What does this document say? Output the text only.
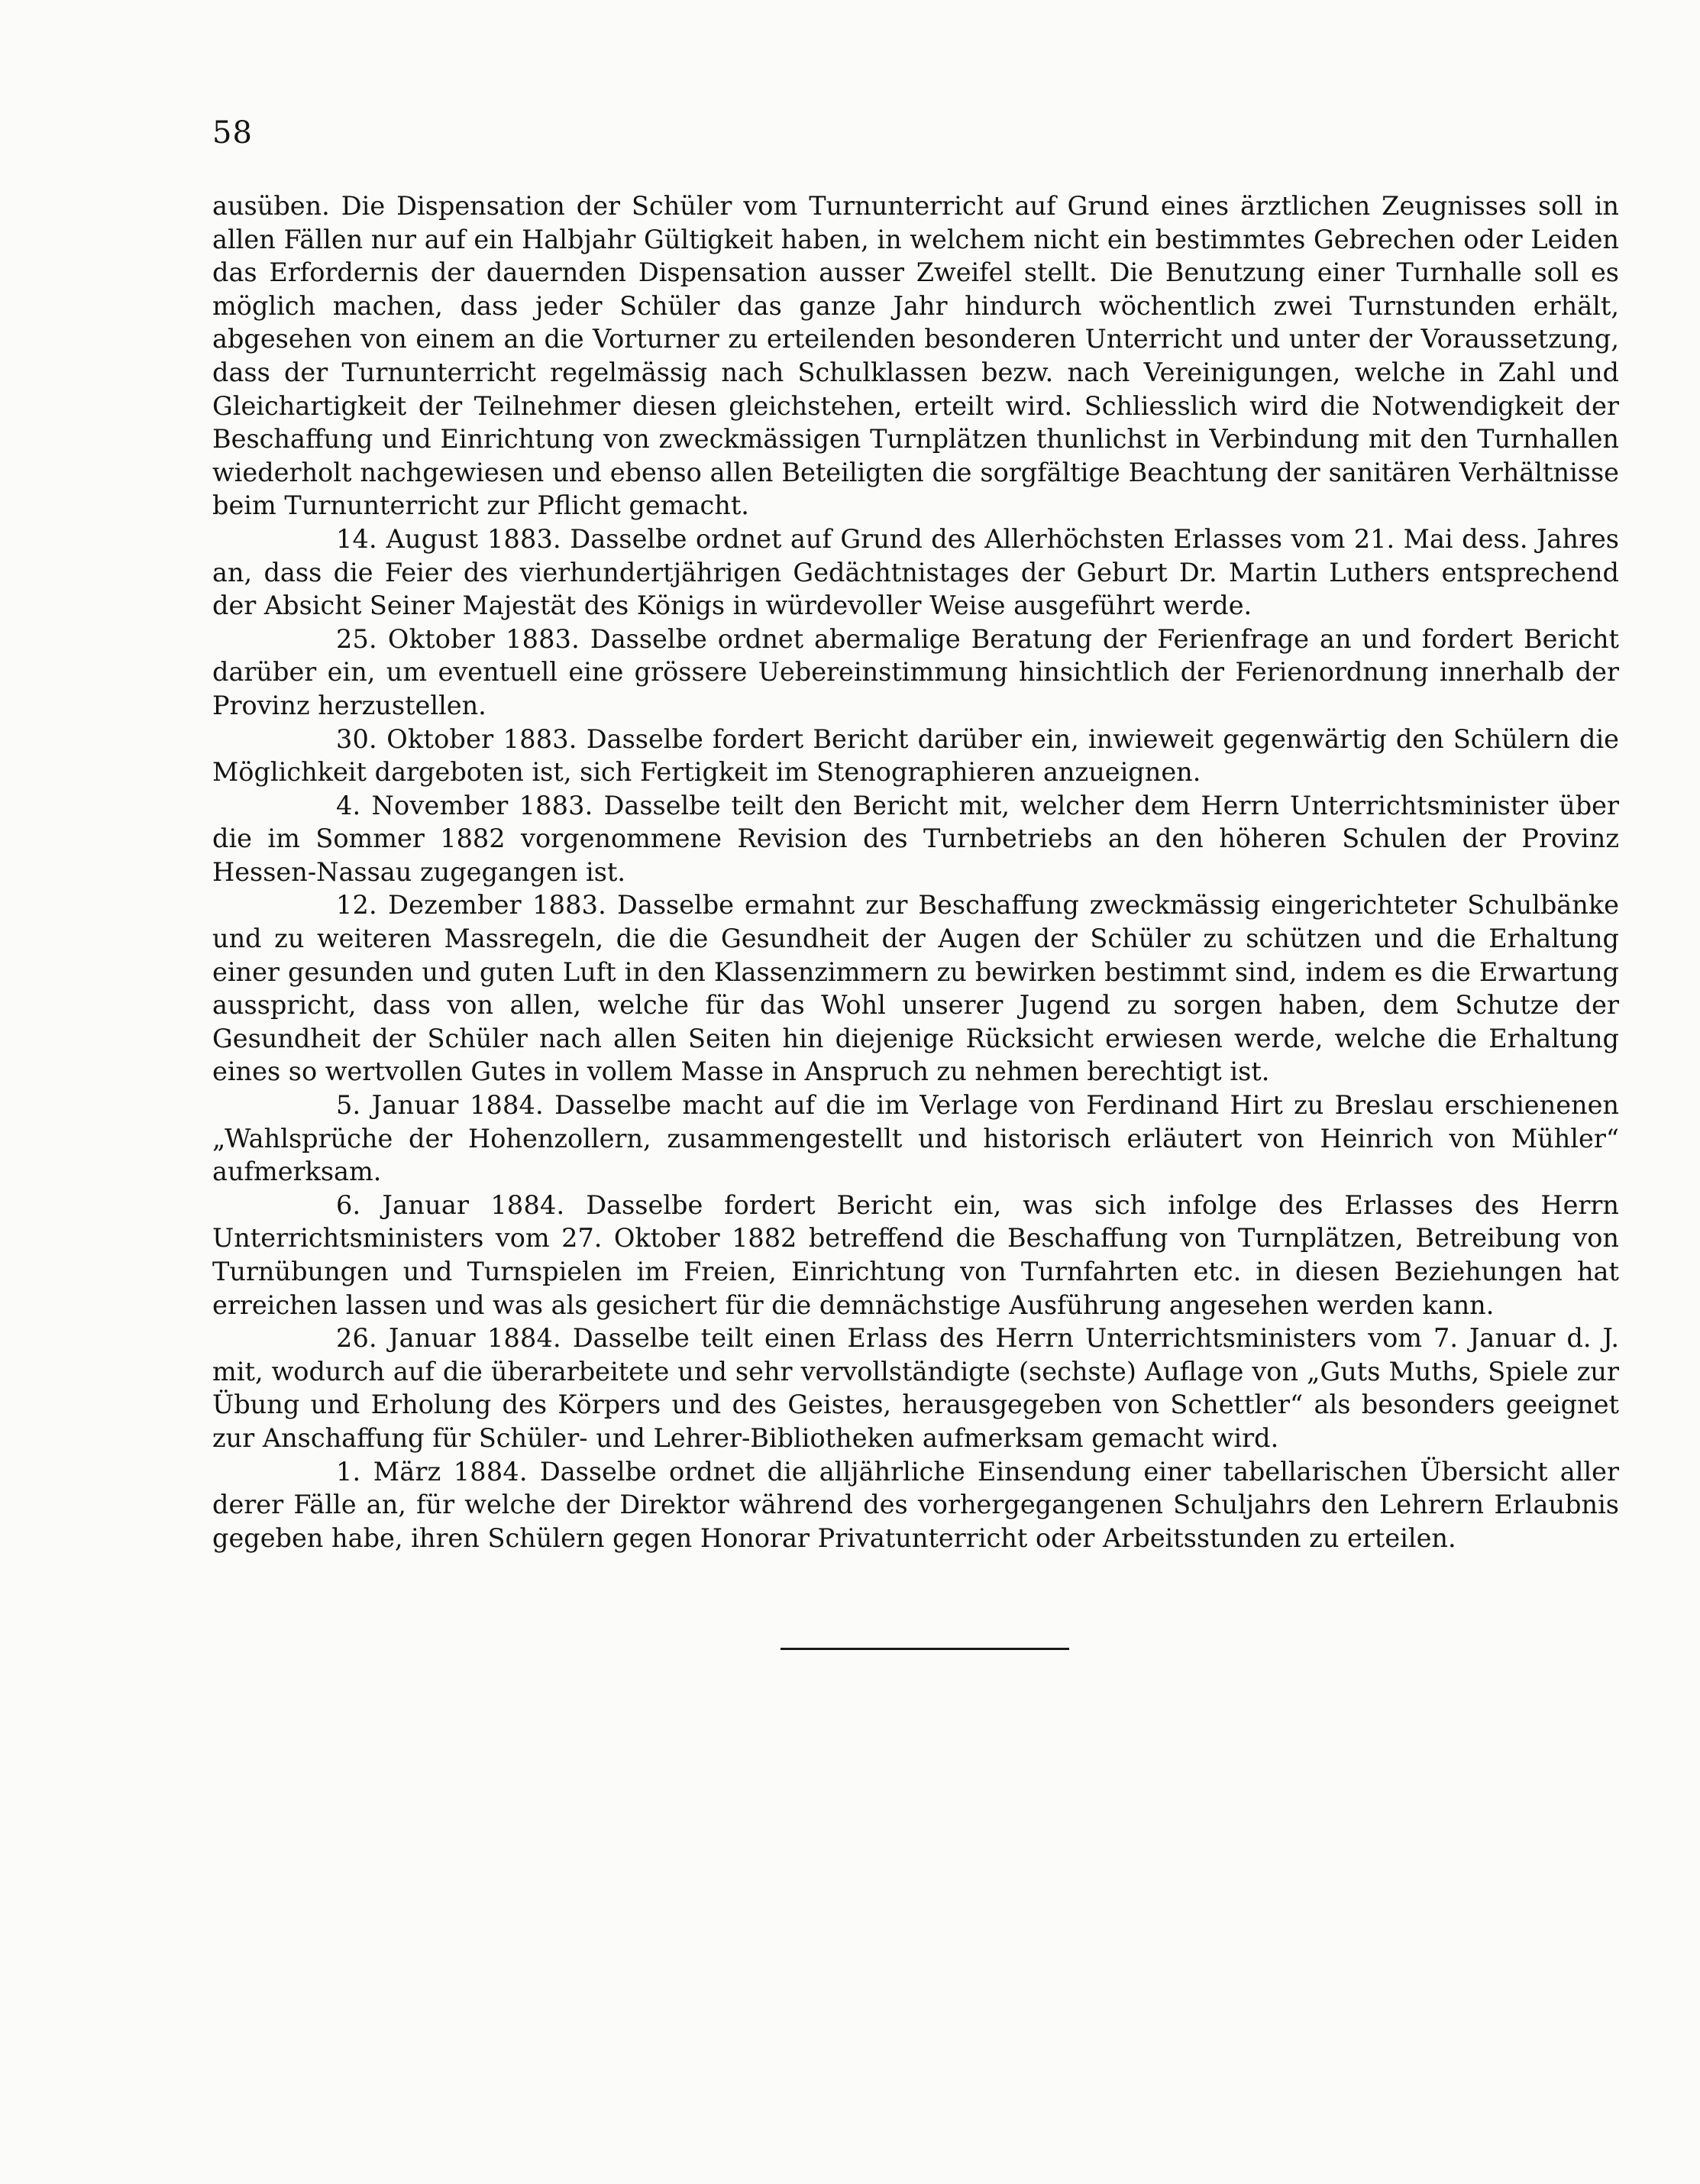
58

ausüben. Die Dispensation der Schüler vom Turnunterricht auf Grund eines ärztlichen Zeugnisses soll in allen Fällen nur auf ein Halbjahr Gültigkeit haben, in welchem nicht ein bestimmtes Gebrechen oder Leiden das Erfordernis der dauernden Dispensation ausser Zweifel stellt. Die Benutzung einer Turnhalle soll es möglich machen, dass jeder Schüler das ganze Jahr hindurch wöchentlich zwei Turnstunden erhält, abgesehen von einem an die Vorturner zu erteilenden besonderen Unterricht und unter der Voraussetzung, dass der Turnunterricht regelmässig nach Schulklassen bezw. nach Vereinigungen, welche in Zahl und Gleichartigkeit der Teilnehmer diesen gleichstehen, erteilt wird. Schliesslich wird die Notwendigkeit der Beschaffung und Einrichtung von zweckmässigen Turnplätzen thunlichst in Verbindung mit den Turnhallen wiederholt nachgewiesen und ebenso allen Beteiligten die sorgfältige Beachtung der sanitären Verhältnisse beim Turnunterricht zur Pflicht gemacht.

14. August 1883. Dasselbe ordnet auf Grund des Allerhöchsten Erlasses vom 21. Mai dess. Jahres an, dass die Feier des vierhundertjährigen Gedächtnistages der Geburt Dr. Martin Luthers entsprechend der Absicht Seiner Majestät des Königs in würdevoller Weise ausgeführt werde.

25. Oktober 1883. Dasselbe ordnet abermalige Beratung der Ferienfrage an und fordert Bericht darüber ein, um eventuell eine grössere Uebereinstimmung hinsichtlich der Ferienordnung innerhalb der Provinz herzustellen.

30. Oktober 1883. Dasselbe fordert Bericht darüber ein, inwieweit gegenwärtig den Schülern die Möglichkeit dargeboten ist, sich Fertigkeit im Stenographieren anzueignen.

4. November 1883. Dasselbe teilt den Bericht mit, welcher dem Herrn Unterrichtsminister über die im Sommer 1882 vorgenommene Revision des Turnbetriebs an den höheren Schulen der Provinz Hessen-Nassau zugegangen ist.

12. Dezember 1883. Dasselbe ermahnt zur Beschaffung zweckmässig eingerichteter Schulbänke und zu weiteren Massregeln, die die Gesundheit der Augen der Schüler zu schützen und die Erhaltung einer gesunden und guten Luft in den Klassenzimmern zu bewirken bestimmt sind, indem es die Erwartung ausspricht, dass von allen, welche für das Wohl unserer Jugend zu sorgen haben, dem Schutze der Gesundheit der Schüler nach allen Seiten hin diejenige Rücksicht erwiesen werde, welche die Erhaltung eines so wertvollen Gutes in vollem Masse in Anspruch zu nehmen berechtigt ist.

5. Januar 1884. Dasselbe macht auf die im Verlage von Ferdinand Hirt zu Breslau erschienenen „Wahlsprüche der Hohenzollern, zusammengestellt und historisch erläutert von Heinrich von Mühler“ aufmerksam.

6. Januar 1884. Dasselbe fordert Bericht ein, was sich infolge des Erlasses des Herrn Unterrichtsministers vom 27. Oktober 1882 betreffend die Beschaffung von Turnplätzen, Betreibung von Turnübungen und Turnspielen im Freien, Einrichtung von Turnfahrten etc. in diesen Beziehungen hat erreichen lassen und was als gesichert für die demnächstige Ausführung angesehen werden kann.

26. Januar 1884. Dasselbe teilt einen Erlass des Herrn Unterrichtsministers vom 7. Januar d. J. mit, wodurch auf die überarbeitete und sehr vervollständigte (sechste) Auflage von „Guts Muths, Spiele zur Übung und Erholung des Körpers und des Geistes, herausgegeben von Schettler“ als besonders geeignet zur Anschaffung für Schüler- und Lehrer-Bibliotheken aufmerksam gemacht wird.

1. März 1884. Dasselbe ordnet die alljährliche Einsendung einer tabellarischen Übersicht aller derer Fälle an, für welche der Direktor während des vorhergegangenen Schuljahrs den Lehrern Erlaubnis gegeben habe, ihren Schülern gegen Honorar Privatunterricht oder Arbeitsstunden zu erteilen.
